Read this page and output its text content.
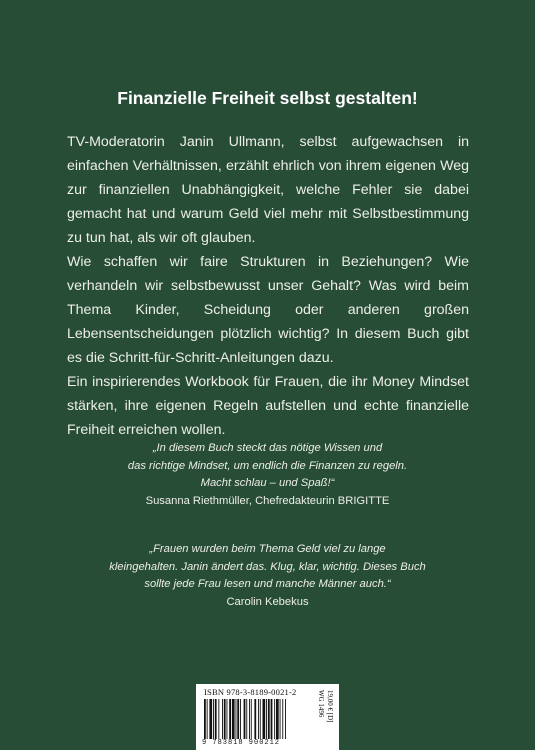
Finanzielle Freiheit selbst gestalten!

TV-Moderatorin Janin Ullmann, selbst aufgewachsen in einfachen Verhältnissen, erzählt ehrlich von ihrem eigenen Weg zur finanziellen Unabhängigkeit, welche Fehler sie dabei gemacht hat und warum Geld viel mehr mit Selbstbestimmung zu tun hat, als wir oft glauben.

Wie schaffen wir faire Strukturen in Beziehungen? Wie verhandeln wir selbstbewusst unser Gehalt? Was wird beim Thema Kinder, Scheidung oder anderen großen Lebensentscheidungen plötzlich wichtig? In diesem Buch gibt es die Schritt-für-Schritt-Anleitungen dazu.

Ein inspirierendes Workbook für Frauen, die ihr Money Mindset stärken, ihre eigenen Regeln aufstellen und echte finanzielle Freiheit erreichen wollen.

„In diesem Buch steckt das nötige Wissen und
das richtige Mindset, um endlich die Finanzen zu regeln.
Macht schlau – und Spaß!“
Susanna Riethmüller, Chefredakteurin BRIGITTE
„Frauen wurden beim Thema Geld viel zu lange
kleingehalten. Janin ändert das. Klug, klar, wichtig. Dieses Buch
sollte jede Frau lesen und manche Männer auch.“
Carolin Kebekus
ISBN 978-3-8189-0021-2
9 783818 900212
19,00 € [D]
WG 1496
